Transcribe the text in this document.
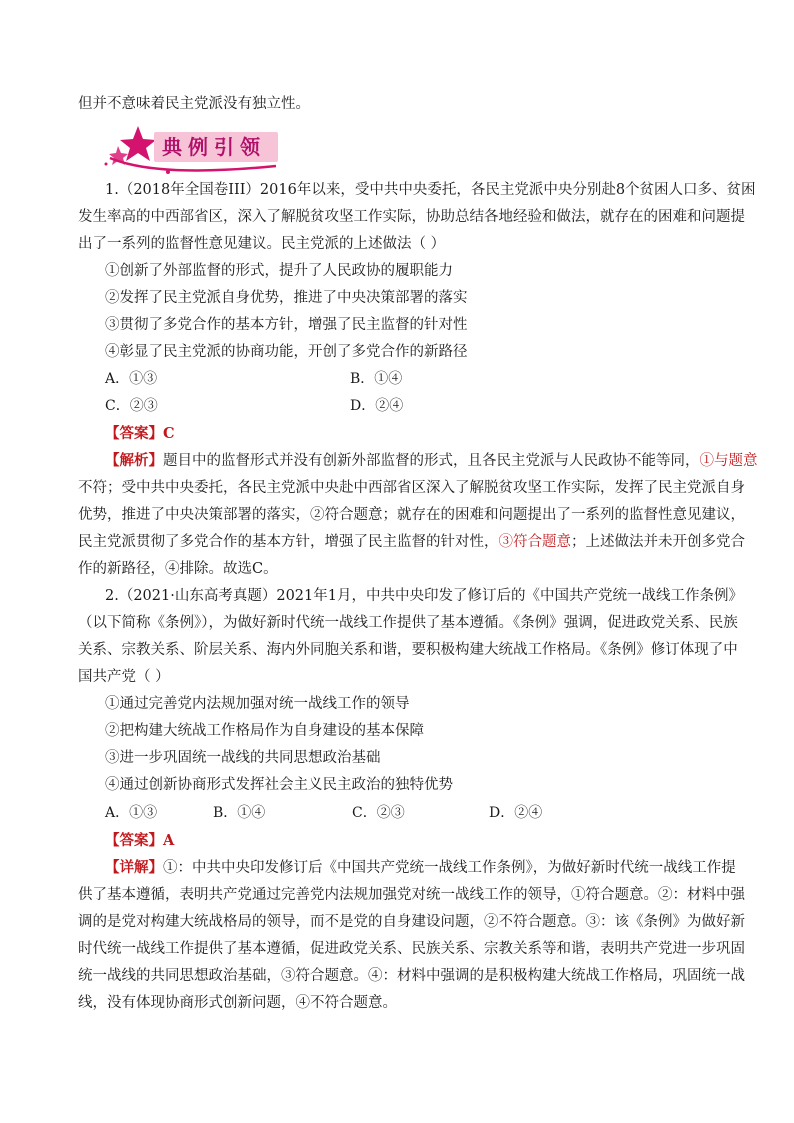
但并不意味着民主党派没有独立性。
典例引领
1.（2018年全国卷III）2016年以来，受中共中央委托，各民主党派中央分别赴8个贫困人口多、贫困
发生率高的中西部省区，深入了解脱贫攻坚工作实际，协助总结各地经验和做法，就存在的困难和问题提
出了一系列的监督性意见建议。民主党派的上述做法（ ）
①创新了外部监督的形式，提升了人民政协的履职能力
②发挥了民主党派自身优势，推进了中央决策部署的落实
③贯彻了多党合作的基本方针，增强了民主监督的针对性
④彰显了民主党派的协商功能，开创了多党合作的新路径
A．①③	B．①④
C．②③	D．②④
【答案】C
【解析】题目中的监督形式并没有创新外部监督的形式，且各民主党派与人民政协不能等同，①与题意
不符；受中共中央委托，各民主党派中央赴中西部省区深入了解脱贫攻坚工作实际，发挥了民主党派自身
优势，推进了中央决策部署的落实，②符合题意；就存在的困难和问题提出了一系列的监督性意见建议，
民主党派贯彻了多党合作的基本方针，增强了民主监督的针对性，③符合题意；上述做法并未开创多党合
作的新路径，④排除。故选C。
2.（2021·山东高考真题）2021年1月，中共中央印发了修订后的《中国共产党统一战线工作条例》
（以下简称《条例》），为做好新时代统一战线工作提供了基本遵循。《条例》强调，促进政党关系、民族
关系、宗教关系、阶层关系、海内外同胞关系和谐，要积极构建大统战工作格局。《条例》修订体现了中
国共产党（ ）
①通过完善党内法规加强对统一战线工作的领导
②把构建大统战工作格局作为自身建设的基本保障
③进一步巩固统一战线的共同思想政治基础
④通过创新协商形式发挥社会主义民主政治的独特优势
A．①③	B．①④	C．②③	D．②④
【答案】A
【详解】①：中共中央印发修订后《中国共产党统一战线工作条例》，为做好新时代统一战线工作提
供了基本遵循，表明共产党通过完善党内法规加强党对统一战线工作的领导，①符合题意。②：材料中强
调的是党对构建大统战格局的领导，而不是党的自身建设问题，②不符合题意。③：该《条例》为做好新
时代统一战线工作提供了基本遵循，促进政党关系、民族关系、宗教关系等和谐，表明共产党进一步巩固
统一战线的共同思想政治基础，③符合题意。④：材料中强调的是积极构建大统战工作格局，巩固统一战
线，没有体现协商形式创新问题，④不符合题意。
